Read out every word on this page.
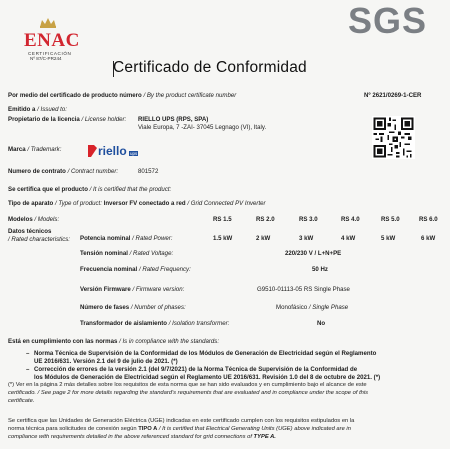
ENAC
CERTIFICACIÓN
Nº 87/C-PR244
SGS
Certificado de Conformidad
Por medio del certificado de producto número / By the product certificate number	Nº 2621/0269-1-CER
Emitido a / Issued to:
Propietario de la licencia / License holder: RIELLO UPS (RPS, SPA)
Viale Europa, 7 -ZAI- 37045 Legnago (VI), Italy.
Marca / Trademark:	riello ups
Numero de contrato / Contract number:	801572
Se certifica que el producto / It is certified that the product:
Tipo de aparato / Type of product: Inversor FV conectado a red / Grid Connected PV Inverter
Modelos / Models:	RS 1.5	RS 2.0	RS 3.0	RS 4.0	RS 5.0	RS 6.0
Datos técnicos
/ Rated characteristics: Potencia nominal / Rated Power:	1.5 kW	2 kW	3 kW	4 kW	5 kW	6 kW
Tensión nominal / Rated Voltage:	220/230 V / L+N+PE
Frecuencia nominal / Rated Frequency:	50 Hz
Versión Firmware / Firmware version:	G9510-01113-05 RS Single Phase
Número de fases / Number of phases:	Monofásico / Single Phase
Transformador de aislamiento / Isolation transformer:	No
Está en cumplimiento con las normas / Is in compliance with the standards:
– Norma Técnica de Supervisión de la Conformidad de los Módulos de Generación de Electricidad según el Reglamento
UE 2016/631. Versión 2.1 del 9 de julio de 2021. (*)
– Corrección de errores de la versión 2.1 (del 9/7/2021) de la Norma Técnica de Supervisión de la Conformidad de
los Módulos de Generación de Electricidad según el Reglamento UE 2016/631. Revisión 1.0 del 8 de octubre de 2021. (*)
(*) Ver en la página 2 más detalles sobre los requisitos de esta norma que se han sido evaluados y en cumplimiento bajo el alcance de este
certificado. / See page 2 for more details regarding the standard's requirements that are evaluated and in compliance under the scope of this
certificate.
Se certifica que las Unidades de Generación Eléctrica (UGE) indicadas en este certificado cumplen con los requisitos estipulados en la
norma técnica para solicitudes de conexión según TIPO A / It is certified that Electrical Generating Units (UGE) above indicated are in
compliance with requirements detailed in the above referenced standard for grid connections of TYPE A.
